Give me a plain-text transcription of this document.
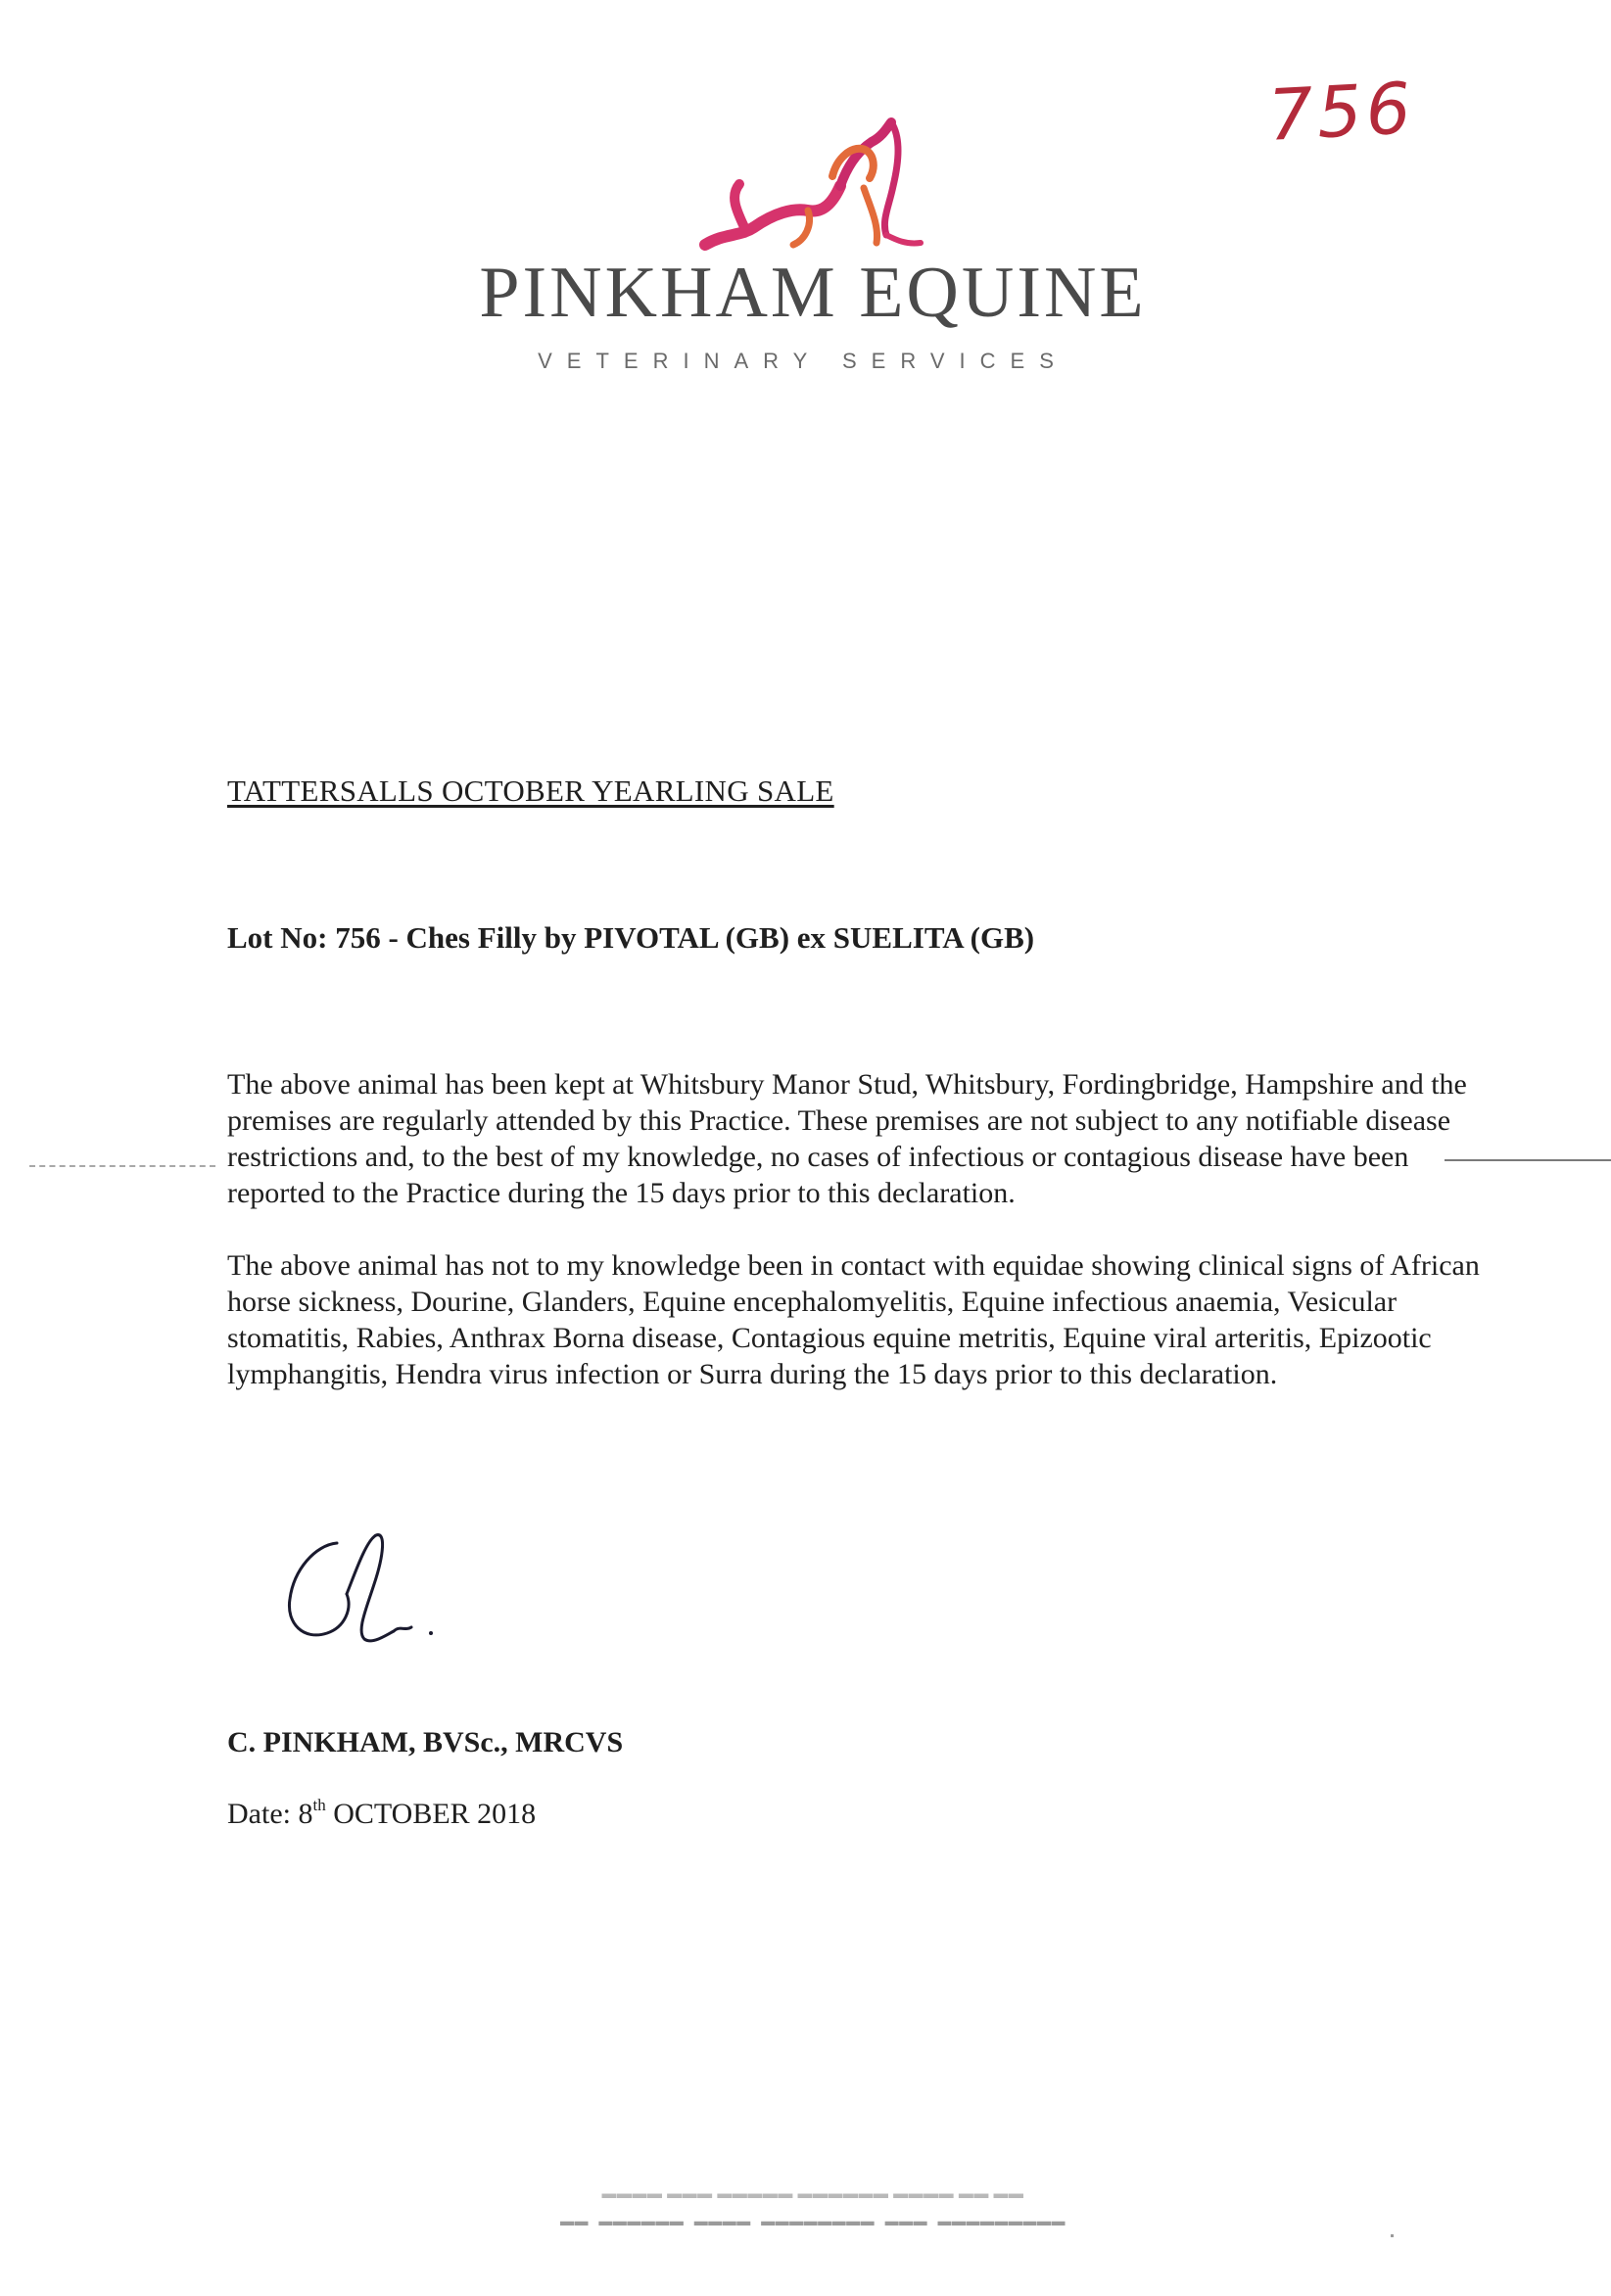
756
PINKHAM EQUINE
VETERINARY SERVICES
TATTERSALLS OCTOBER YEARLING SALE
Lot No: 756 - Ches Filly by PIVOTAL (GB) ex SUELITA (GB)

The above animal has been kept at Whitsbury Manor Stud, Whitsbury, Fordingbridge, Hampshire and the premises are regularly attended by this Practice. These premises are not subject to any notifiable disease restrictions and, to the best of my knowledge, no cases of infectious or contagious disease have been reported to the Practice during the 15 days prior to this declaration.

The above animal has not to my knowledge been in contact with equidae showing clinical signs of African horse sickness, Dourine, Glanders, Equine encephalomyelitis, Equine infectious anaemia, Vesicular stomatitis, Rabies, Anthrax Borna disease, Contagious equine metritis, Equine viral arteritis, Epizootic lymphangitis, Hendra virus infection or Surra during the 15 days prior to this declaration.

C. PINKHAM, BVSc., MRCVS
Date: 8th OCTOBER 2018
▬▬▬▬ ▬▬▬ ▬▬▬▬▬ ▬▬▬▬▬▬ ▬▬▬▬ ▬▬ ▬▬
▬▬ ▬▬▬▬▬▬ ▬▬▬▬ ▬▬▬▬▬▬▬▬ ▬▬▬ ▬▬▬▬▬▬▬▬▬
